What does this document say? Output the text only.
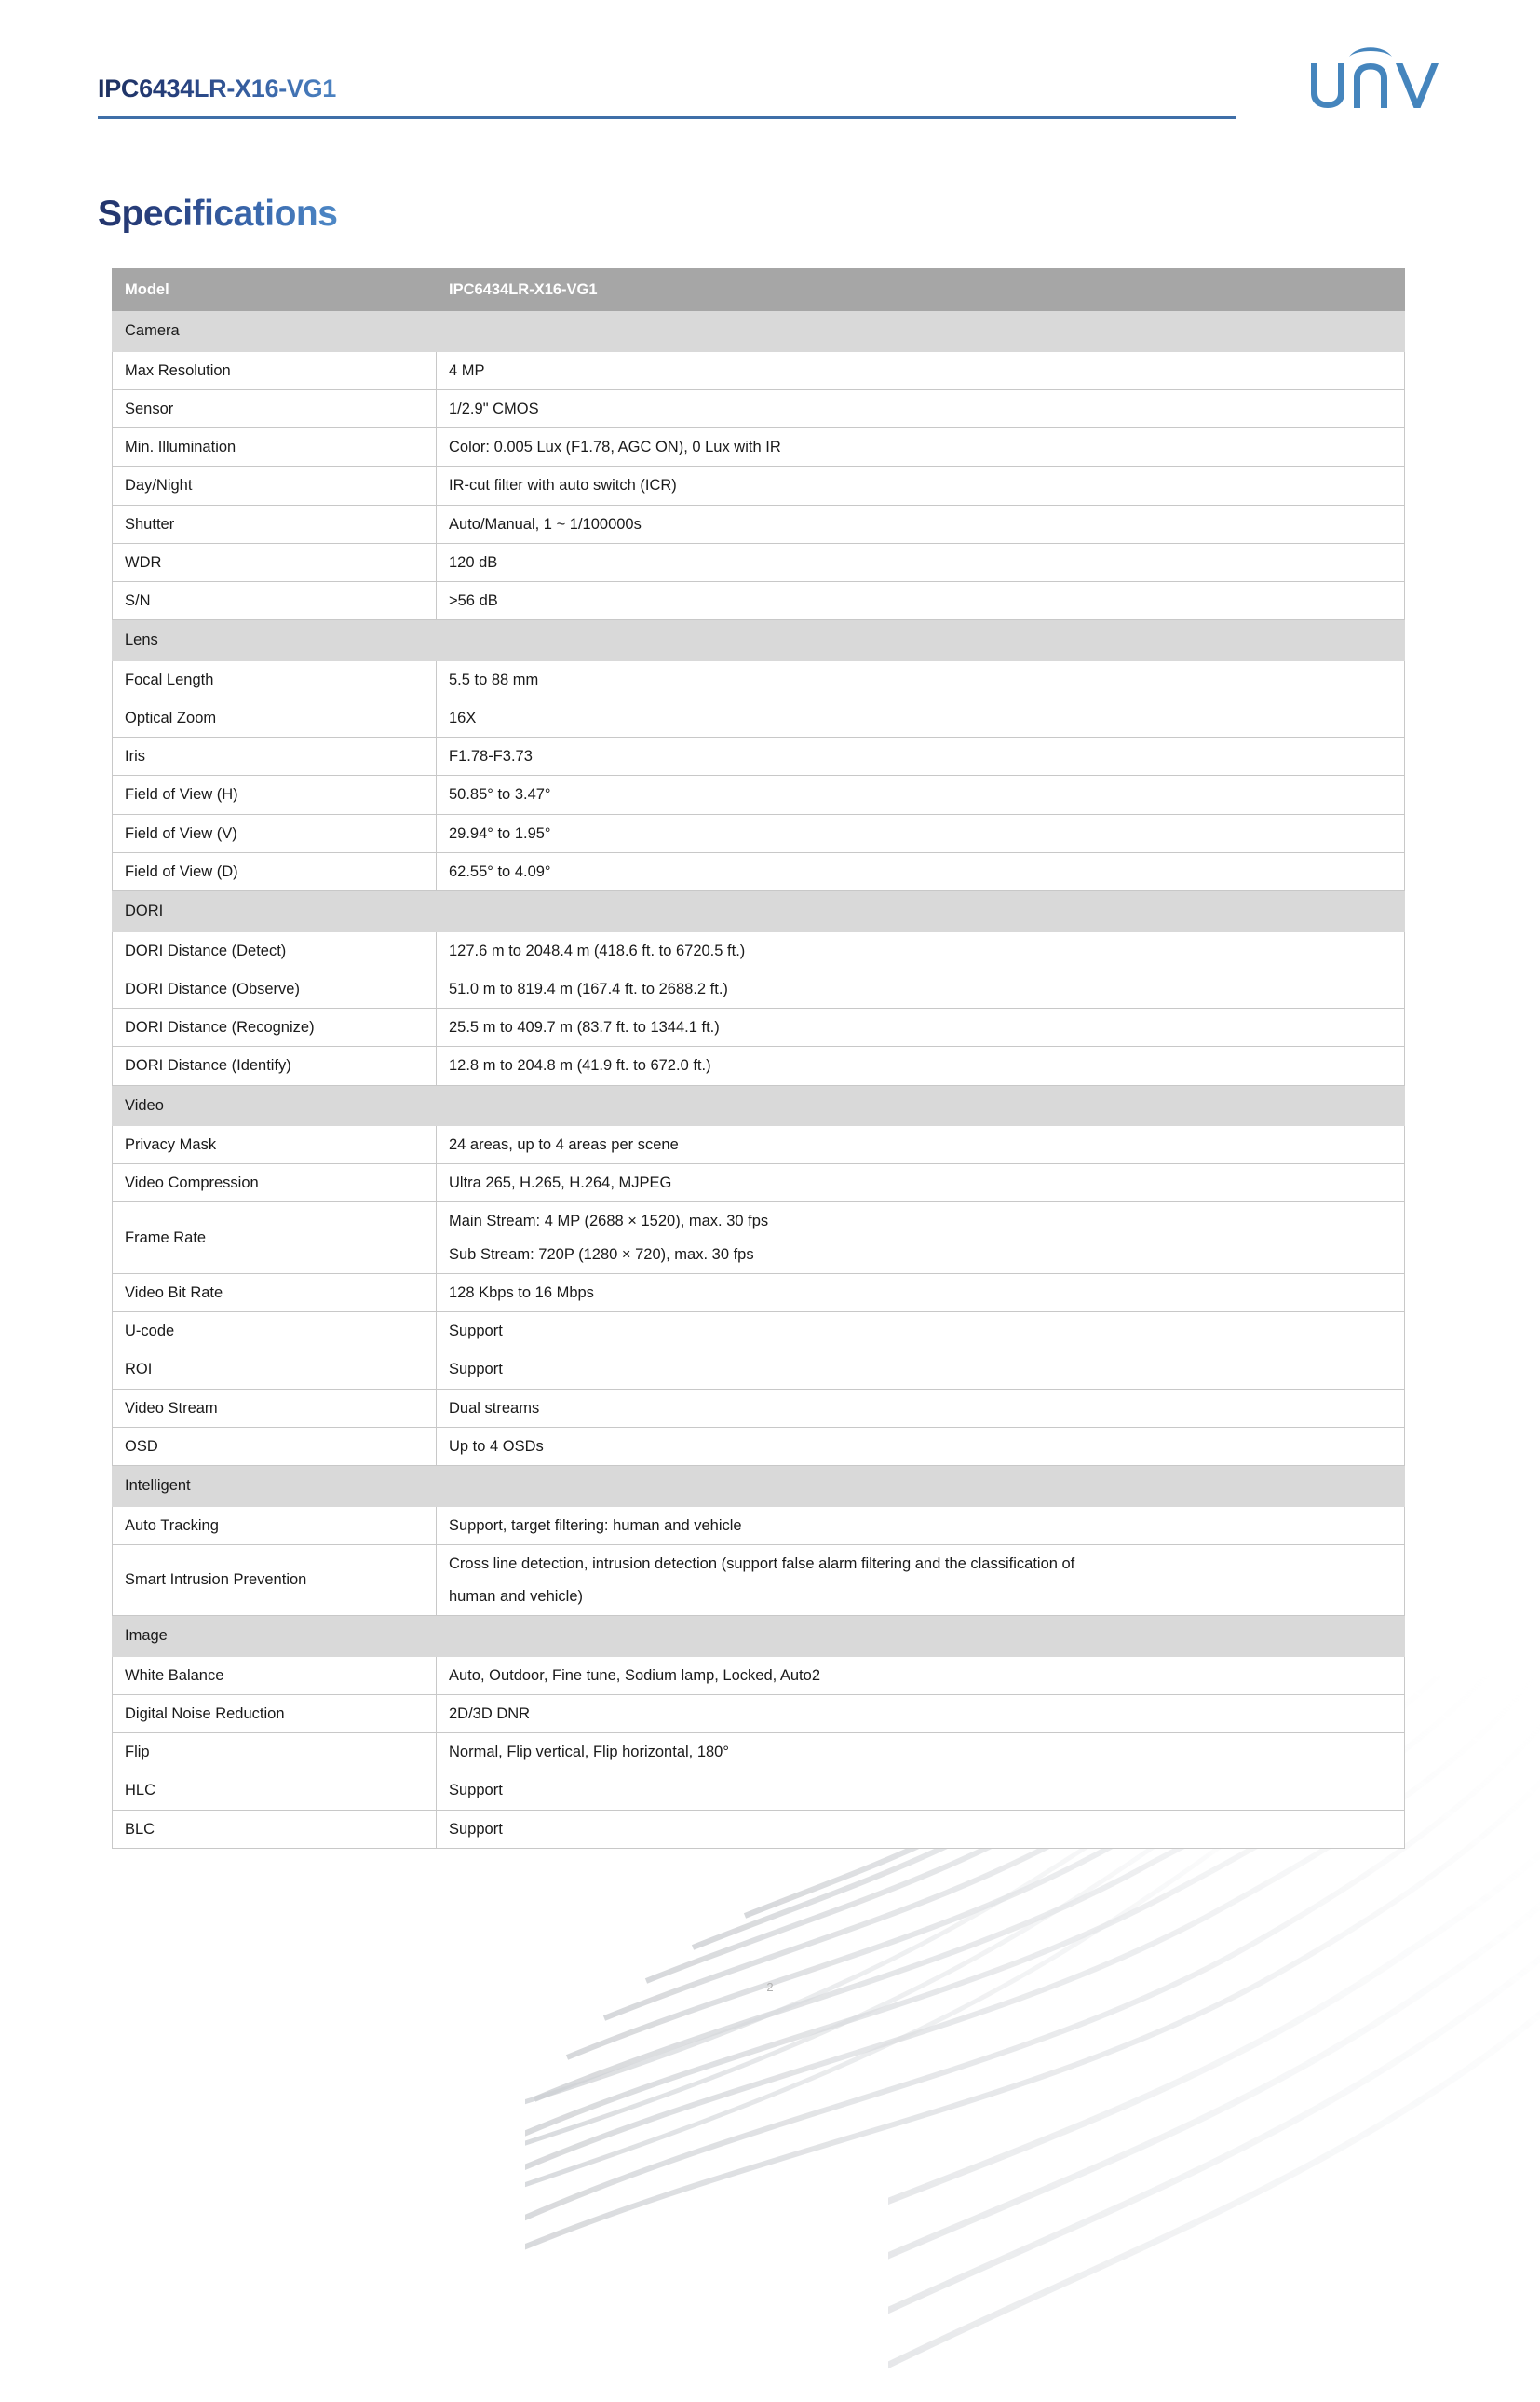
IPC6434LR-X16-VG1
Specifications
Model	IPC6434LR-X16-VG1
Camera	
Max Resolution	4 MP
Sensor	1/2.9" CMOS
Min. Illumination	Color: 0.005 Lux (F1.78, AGC ON), 0 Lux with IR
Day/Night	IR-cut filter with auto switch (ICR)
Shutter	Auto/Manual, 1 ~ 1/100000s
WDR	120 dB
S/N	>56 dB
Lens	
Focal Length	5.5 to 88 mm
Optical Zoom	16X
Iris	F1.78-F3.73
Field of View (H)	50.85° to 3.47°
Field of View (V)	29.94° to 1.95°
Field of View (D)	62.55° to 4.09°
DORI	
DORI Distance (Detect)	127.6 m to 2048.4 m (418.6 ft. to 6720.5 ft.)
DORI Distance (Observe)	51.0 m to 819.4 m (167.4 ft. to 2688.2 ft.)
DORI Distance (Recognize)	25.5 m to 409.7 m (83.7 ft. to 1344.1 ft.)
DORI Distance (Identify)	12.8 m to 204.8 m (41.9 ft. to 672.0 ft.)
Video	
Privacy Mask	24 areas, up to 4 areas per scene
Video Compression	Ultra 265, H.265, H.264, MJPEG
Frame Rate	Main Stream: 4 MP (2688 × 1520), max. 30 fps
Sub Stream: 720P (1280 × 720), max. 30 fps

Video Bit Rate	128 Kbps to 16 Mbps
U-code	Support
ROI	Support
Video Stream	Dual streams
OSD	Up to 4 OSDs
Intelligent	
Auto Tracking	Support, target filtering: human and vehicle
Smart Intrusion Prevention	Cross line detection, intrusion detection (support false alarm filtering and the classification of
human and vehicle)

Image	
White Balance	Auto, Outdoor, Fine tune, Sodium lamp, Locked, Auto2
Digital Noise Reduction	2D/3D DNR
Flip	Normal, Flip vertical, Flip horizontal, 180°
HLC	Support
BLC	Support
2
